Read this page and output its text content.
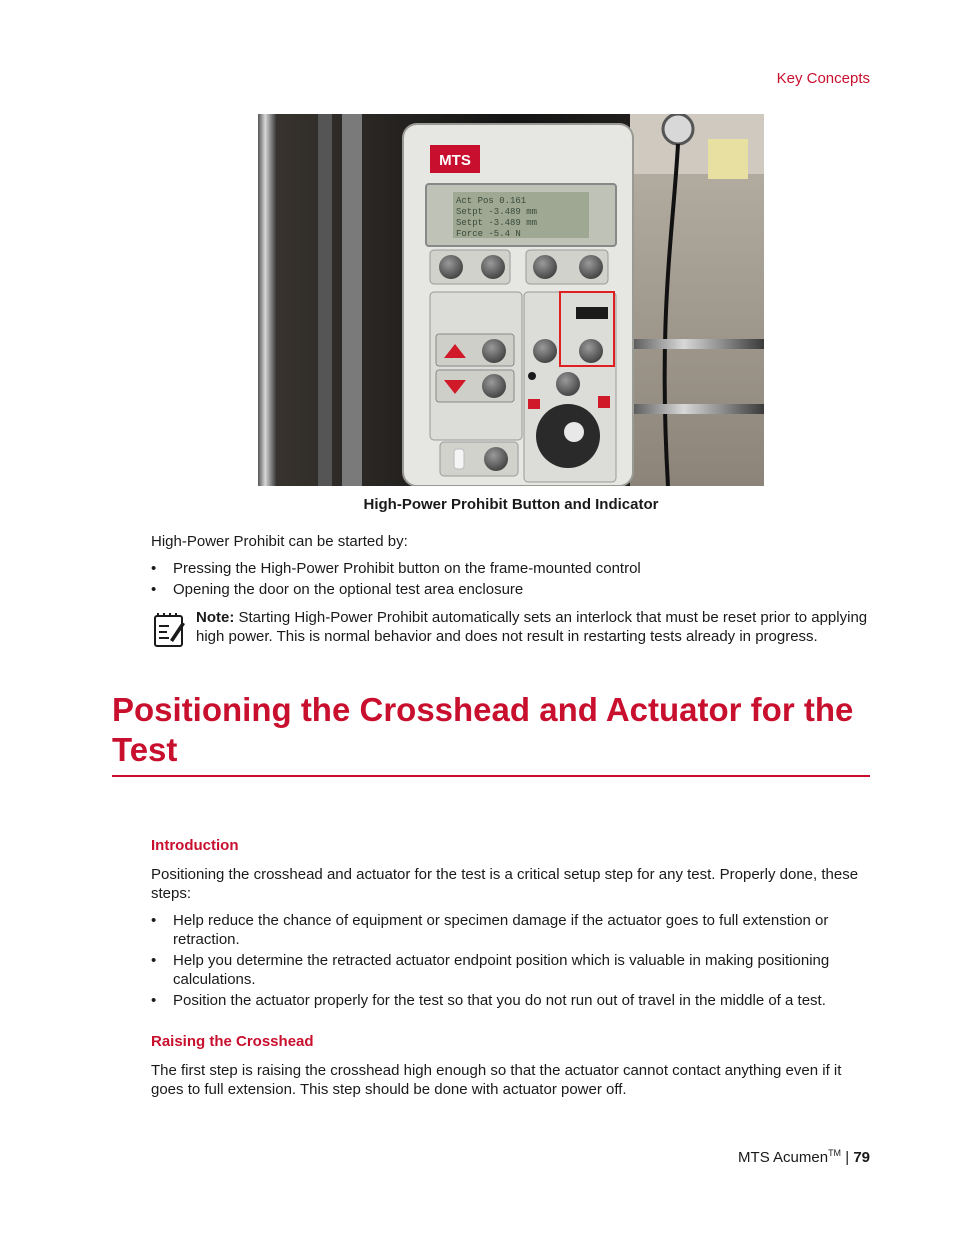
Key Concepts
MTS
Act Pos 0.161 Setpt -3.489 mm Setpt -3.489 mm Force -5.4 N
High-Power Prohibit Button and Indicator
High-Power Prohibit can be started by:
• Pressing the High-Power Prohibit button on the frame-mounted control
• Opening the door on the optional test area enclosure
Note: Starting High-Power Prohibit automatically sets an interlock that must be reset prior to applying high power. This is normal behavior and does not result in restarting tests already in progress.
Positioning the Crosshead and Actuator for the Test
Introduction
Positioning the crosshead and actuator for the test is a critical setup step for any test. Properly done, these steps:
• Help reduce the chance of equipment or specimen damage if the actuator goes to full extenstion or retraction.
• Help you determine the retracted actuator endpoint position which is valuable in making positioning calculations.
• Position the actuator properly for the test so that you do not run out of travel in the middle of a test.
Raising the Crosshead
The first step is raising the crosshead high enough so that the actuator cannot contact anything even if it goes to full extension. This step should be done with actuator power off.
MTS Acumen™ | 79
